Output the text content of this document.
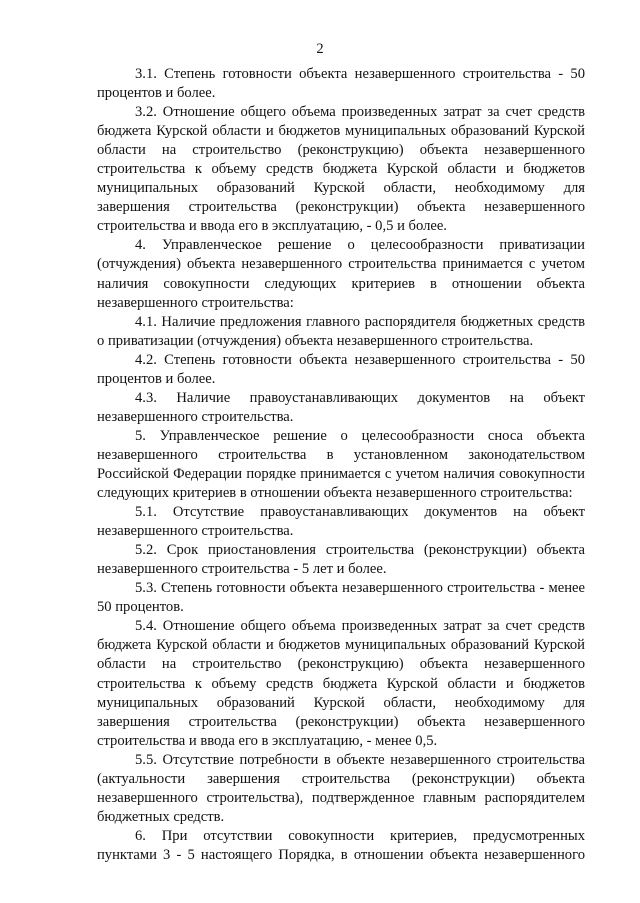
2

3.1. Степень готовности объекта незавершенного строительства - 50 процентов и более.

3.2. Отношение общего объема произведенных затрат за счет средств бюджета Курской области и бюджетов муниципальных образований Курской области на строительство (реконструкцию) объекта незавершенного строительства к объему средств бюджета Курской области и бюджетов муниципальных образований Курской области, необходимому для завершения строительства (реконструкции) объекта незавершенного строительства и ввода его в эксплуатацию, - 0,5 и более.

4. Управленческое решение о целесообразности приватизации (отчуждения) объекта незавершенного строительства принимается с учетом наличия совокупности следующих критериев в отношении объекта незавершенного строительства:

4.1. Наличие предложения главного распорядителя бюджетных средств о приватизации (отчуждения) объекта незавершенного строительства.

4.2. Степень готовности объекта незавершенного строительства - 50 процентов и более.

4.3. Наличие правоустанавливающих документов на объект незавершенного строительства.

5. Управленческое решение о целесообразности сноса объекта незавершенного строительства в установленном законодательством Российской Федерации порядке принимается с учетом наличия совокупности следующих критериев в отношении объекта незавершенного строительства:

5.1. Отсутствие правоустанавливающих документов на объект незавершенного строительства.

5.2. Срок приостановления строительства (реконструкции) объекта незавершенного строительства - 5 лет и более.

5.3. Степень готовности объекта незавершенного строительства - менее 50 процентов.

5.4. Отношение общего объема произведенных затрат за счет средств бюджета Курской области и бюджетов муниципальных образований Курской области на строительство (реконструкцию) объекта незавершенного строительства к объему средств бюджета Курской области и бюджетов муниципальных образований Курской области, необходимому для завершения строительства (реконструкции) объекта незавершенного строительства и ввода его в эксплуатацию, - менее 0,5.

5.5. Отсутствие потребности в объекте незавершенного строительства (актуальности завершения строительства (реконструкции) объекта незавершенного строительства), подтвержденное главным распорядителем бюджетных средств.

6. При отсутствии совокупности критериев, предусмотренных пунктами 3 - 5 настоящего Порядка, в отношении объекта незавершенного
